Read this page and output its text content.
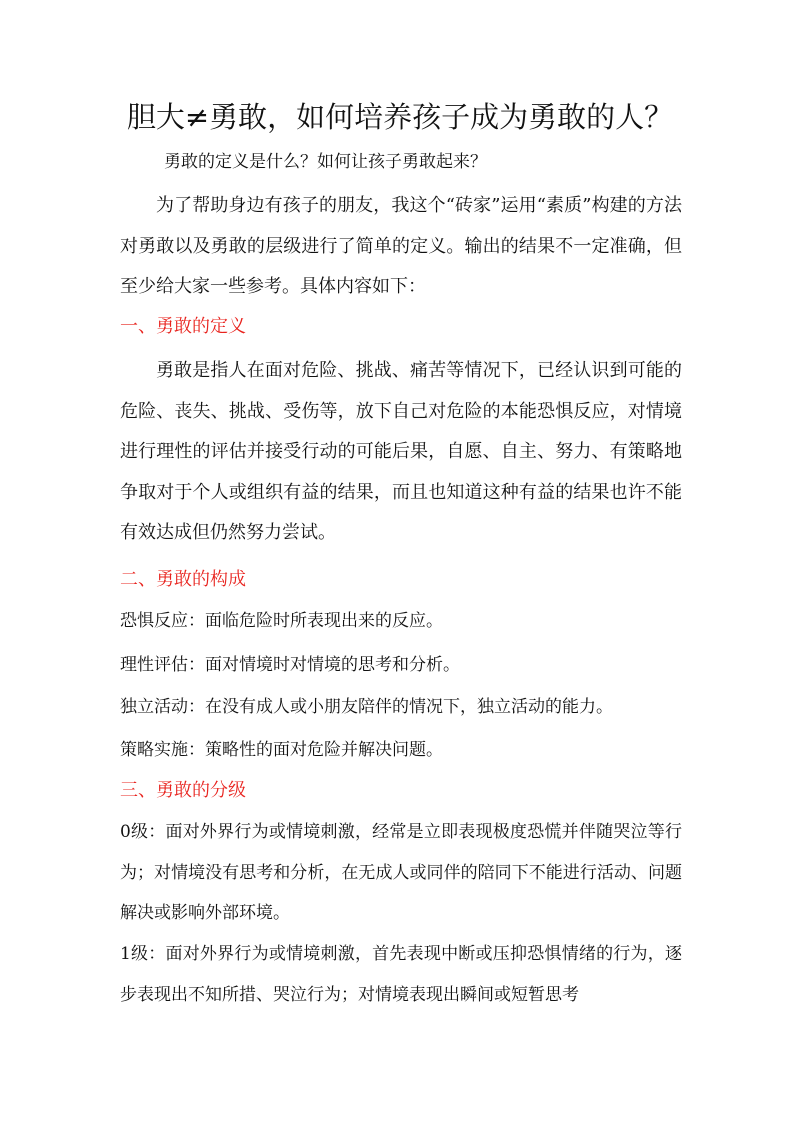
胆大≠勇敢，如何培养孩子成为勇敢的人？
勇敢的定义是什么？如何让孩子勇敢起来？

为了帮助身边有孩子的朋友，我这个“砖家”运用“素质”构建的方法对勇敢以及勇敢的层级进行了简单的定义。输出的结果不一定准确，但至少给大家一些参考。具体内容如下：

一、勇敢的定义

勇敢是指人在面对危险、挑战、痛苦等情况下，已经认识到可能的危险、丧失、挑战、受伤等，放下自己对危险的本能恐惧反应，对情境进行理性的评估并接受行动的可能后果，自愿、自主、努力、有策略地争取对于个人或组织有益的结果，而且也知道这种有益的结果也许不能有效达成但仍然努力尝试。

二、勇敢的构成
恐惧反应：面临危险时所表现出来的反应。
理性评估：面对情境时对情境的思考和分析。
独立活动：在没有成人或小朋友陪伴的情况下，独立活动的能力。
策略实施：策略性的面对危险并解决问题。
三、勇敢的分级

0级：面对外界行为或情境刺激，经常是立即表现极度恐慌并伴随哭泣等行为；对情境没有思考和分析，在无成人或同伴的陪同下不能进行活动、问题解决或影响外部环境。

1级：面对外界行为或情境刺激，首先表现中断或压抑恐惧情绪的行为，逐步表现出不知所措、哭泣行为；对情境表现出瞬间或短暂思考
